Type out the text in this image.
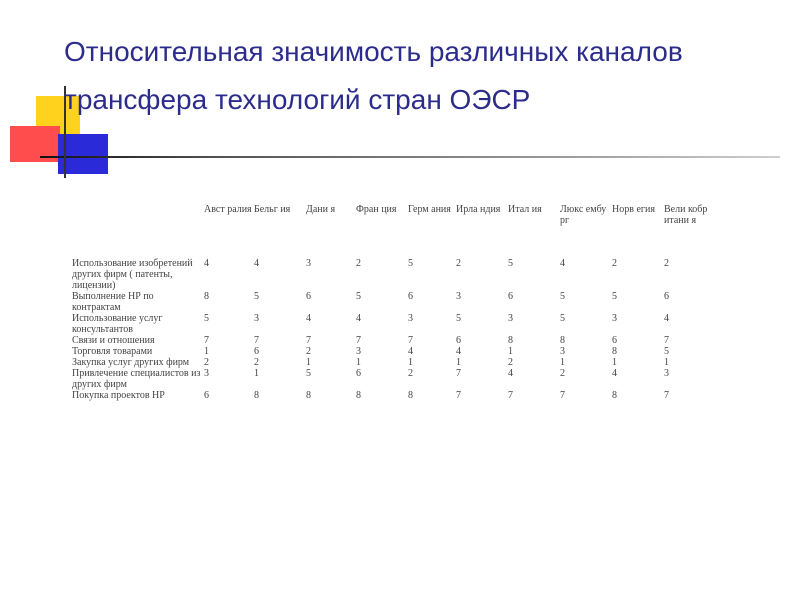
Относительная значимость различных каналов
трансфера технологий стран ОЭСР
	Авст ралия	Бельг ия	Дани я	Фран ция	Герм ания	Ирла ндия	Итал ия	Люкс ембу рг	Норв егия	Вели кобр итани я
Использование изобретений других фирм ( патенты, лицензии)	4	4	3	2	5	2	5	4	2	2
Выполнение НР по контрактам	8	5	6	5	6	3	6	5	5	6
Использование услуг консультантов	5	3	4	4	3	5	3	5	3	4
Связи и отношения	7	7	7	7	7	6	8	8	6	7
Торговля товарами	1	6	2	3	4	4	1	3	8	5
Закупка услуг других фирм	2	2	1	1	1	1	2	1	1	1
Привлечение специалистов из других фирм	3	1	5	6	2	7	4	2	4	3
Покупка проектов НР	6	8	8	8	8	7	7	7	8	7
